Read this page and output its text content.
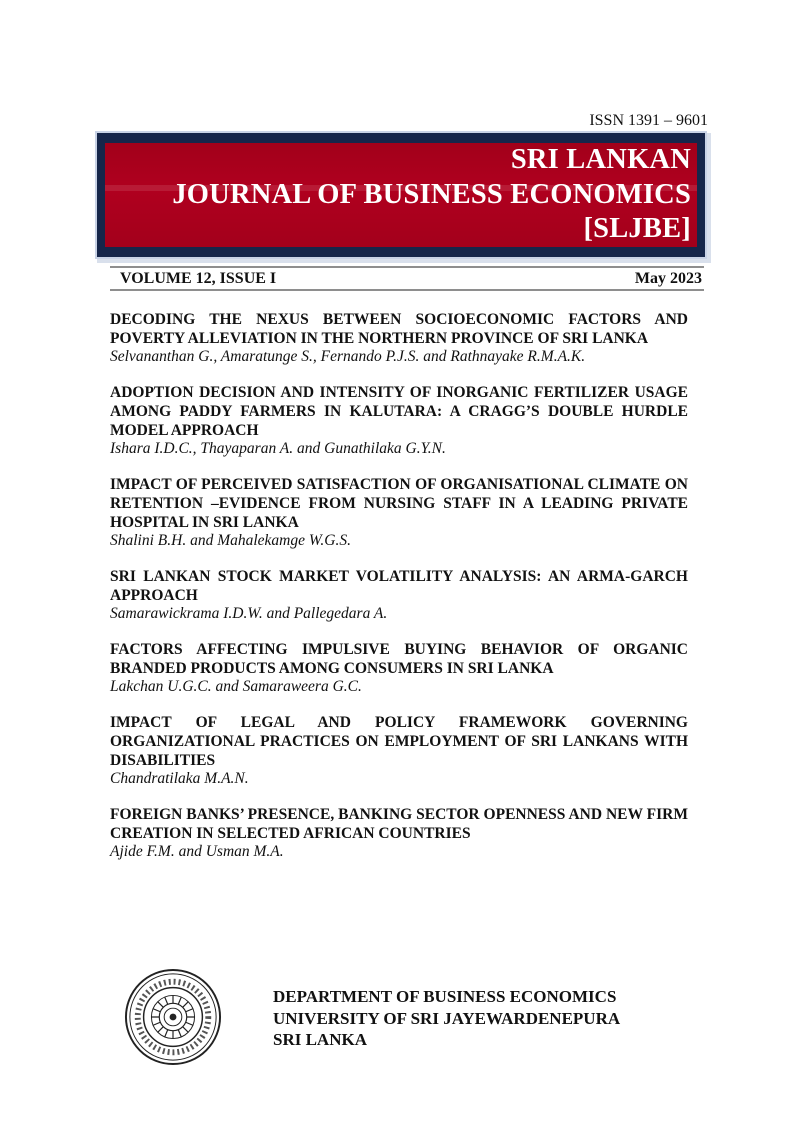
ISSN 1391 – 9601
SRI LANKAN
JOURNAL OF BUSINESS ECONOMICS
[SLJBE]
VOLUME 12, ISSUE I	May 2023
DECODING THE NEXUS BETWEEN SOCIOECONOMIC FACTORS AND POVERTY ALLEVIATION IN THE NORTHERN PROVINCE OF SRI LANKA
Selvananthan G., Amaratunge S., Fernando P.J.S. and Rathnayake R.M.A.K.
ADOPTION DECISION AND INTENSITY OF INORGANIC FERTILIZER USAGE AMONG PADDY FARMERS IN KALUTARA: A CRAGG’S DOUBLE HURDLE MODEL APPROACH
Ishara I.D.C., Thayaparan A. and Gunathilaka G.Y.N.
IMPACT OF PERCEIVED SATISFACTION OF ORGANISATIONAL CLIMATE ON RETENTION –EVIDENCE FROM NURSING STAFF IN A LEADING PRIVATE HOSPITAL IN SRI LANKA
Shalini B.H. and Mahalekamge W.G.S.
SRI LANKAN STOCK MARKET VOLATILITY ANALYSIS: AN ARMA-GARCH APPROACH
Samarawickrama I.D.W. and Pallegedara A.
FACTORS AFFECTING IMPULSIVE BUYING BEHAVIOR OF ORGANIC BRANDED PRODUCTS AMONG CONSUMERS IN SRI LANKA
Lakchan U.G.C. and Samaraweera G.C.
IMPACT OF LEGAL AND POLICY FRAMEWORK GOVERNING ORGANIZATIONAL PRACTICES ON EMPLOYMENT OF SRI LANKANS WITH DISABILITIES
Chandratilaka M.A.N.
FOREIGN BANKS’ PRESENCE, BANKING SECTOR OPENNESS AND NEW FIRM CREATION IN SELECTED AFRICAN COUNTRIES
Ajide F.M. and Usman M.A.
DEPARTMENT OF BUSINESS ECONOMICS
UNIVERSITY OF SRI JAYEWARDENEPURA
SRI LANKA
